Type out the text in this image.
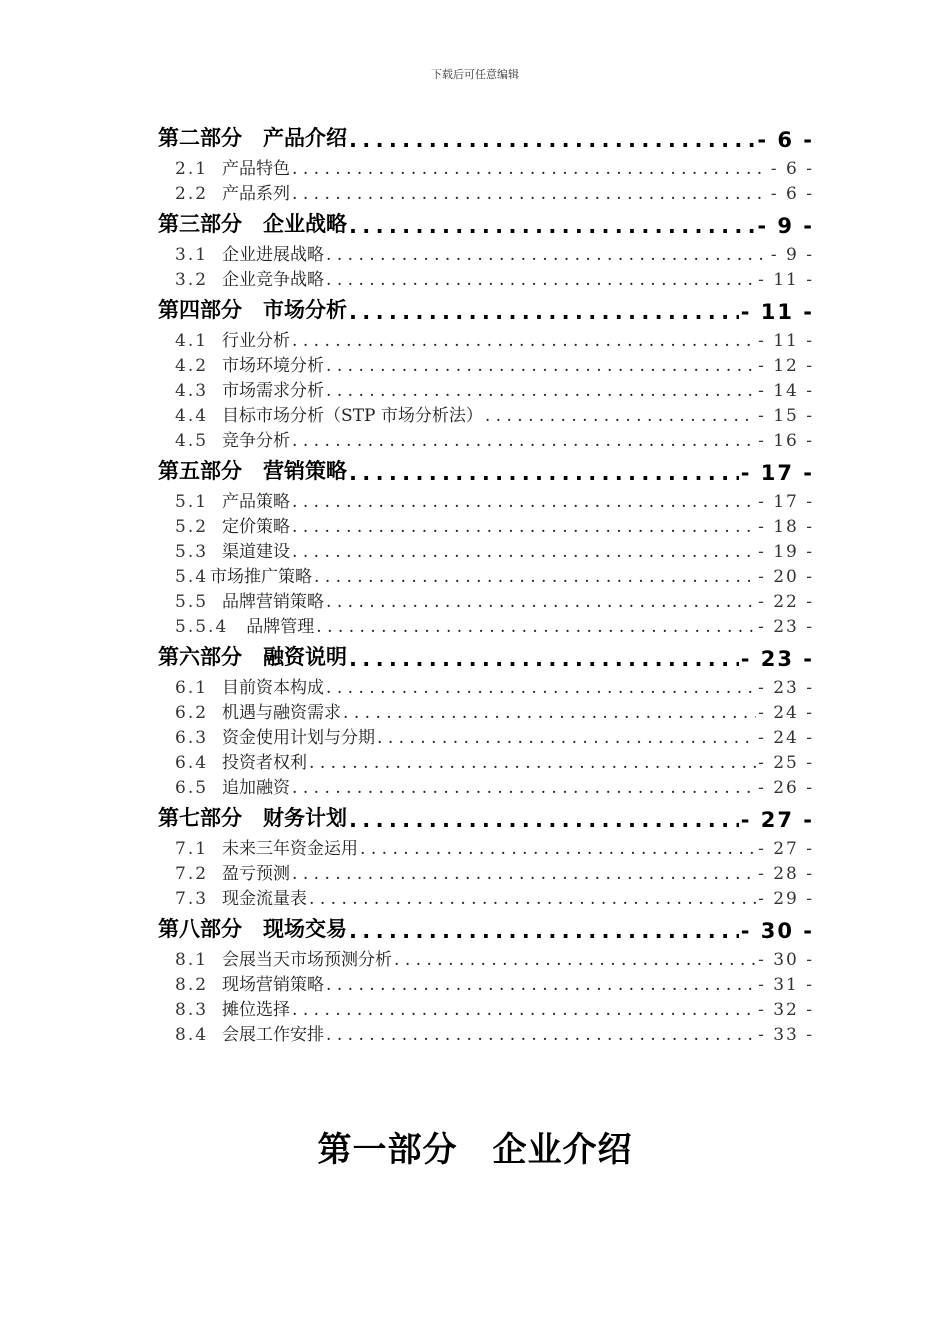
下载后可任意编辑
第二部分　产品介绍 . . .	- 6 -
2.1 产品特色 . . .	- 6 -
2.2 产品系列 . . .	- 6 -
第三部分　企业战略 . . .	- 9 -
3.1 企业进展战略 . . .	- 9 -
3.2 企业竞争战略 . . .	- 11 -
第四部分　市场分析 . . .	- 11 -
4.1 行业分析 . . .	- 11 -
4.2 市场环境分析 . . .	- 12 -
4.3 市场需求分析 . . .	- 14 -
4.4 目标市场分析（STP 市场分析法） . . .	- 15 -
4.5 竞争分析 . . .	- 16 -
第五部分　营销策略 . . .	- 17 -
5.1 产品策略 . . .	- 17 -
5.2 定价策略 . . .	- 18 -
5.3 渠道建设 . . .	- 19 -
5.4 市场推广策略 . . .	- 20 -
5.5 品牌营销策略 . . .	- 22 -
5.5.4 品牌管理 . . .	- 23 -
第六部分　融资说明 . . .	- 23 -
6.1 目前资本构成 . . .	- 23 -
6.2 机遇与融资需求 . . .	- 24 -
6.3 资金使用计划与分期 . . .	- 24 -
6.4 投资者权利 . . .	- 25 -
6.5 追加融资 . . .	- 26 -
第七部分　财务计划 . . .	- 27 -
7.1 未来三年资金运用 . . .	- 27 -
7.2 盈亏预测 . . .	- 28 -
7.3 现金流量表 . . .	- 29 -
第八部分　现场交易 . . .	- 30 -
8.1 会展当天市场预测分析 . . .	- 30 -
8.2 现场营销策略 . . .	- 31 -
8.3 摊位选择 . . .	- 32 -
8.4 会展工作安排 . . .	- 33 -
第一部分　企业介绍
